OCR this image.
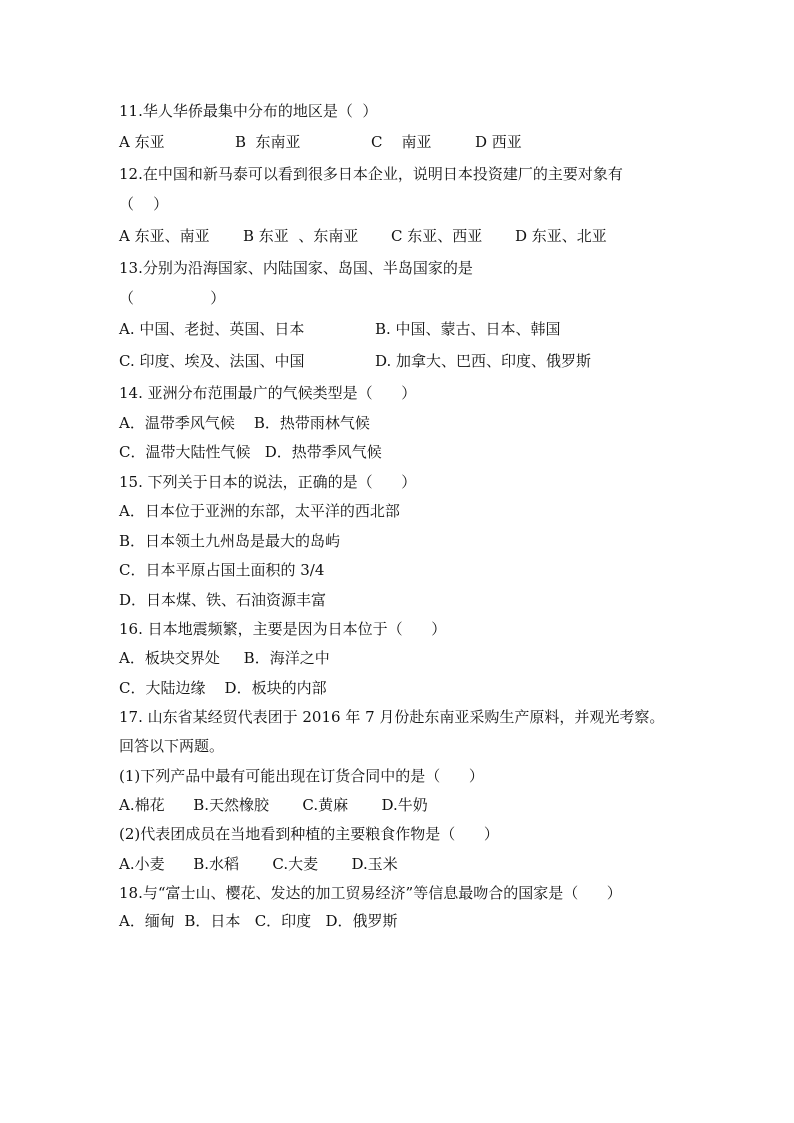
11.华人华侨最集中分布的地区是（  ）

A 东亚

	B  东南亚

	C    南亚

	D 西亚

12.在中国和新马泰可以看到很多日本企业，说明日本投资建厂的主要对象有

（    ）

A 东亚、南亚

B 东亚  、东南亚

C 东亚、西亚

D 东亚、北亚

13.分别为沿海国家、内陆国家、岛国、半岛国家的是

（                ）

A. 中国、老挝、英国、日本

	B. 中国、蒙古、日本、韩国

C. 印度、埃及、法国、中国

	D. 加拿大、巴西、印度、俄罗斯

14. 亚洲分布范围最广的气候类型是（      ）

A．温带季风气候    B．热带雨林气候

C．温带大陆性气候   D．热带季风气候

15. 下列关于日本的说法，正确的是（      ）

A．日本位于亚洲的东部，太平洋的西北部

B．日本领土九州岛是最大的岛屿

C．日本平原占国土面积的 3/4

D．日本煤、铁、石油资源丰富

16. 日本地震频繁，主要是因为日本位于（      ）

A．板块交界处     B．海洋之中

C．大陆边缘    D．板块的内部

17. 山东省某经贸代表团于 2016 年 7 月份赴东南亚采购生产原料，并观光考察。

回答以下两题。

(1)下列产品中最有可能出现在订货合同中的是（      ）

A.棉花      B.天然橡胶       C.黄麻       D.牛奶

(2)代表团成员在当地看到种植的主要粮食作物是（      ）

A.小麦      B.水稻       C.大麦       D.玉米

18.与“富士山、樱花、发达的加工贸易经济”等信息最吻合的国家是（      ）

A．缅甸  B．日本   C．印度   D．俄罗斯
